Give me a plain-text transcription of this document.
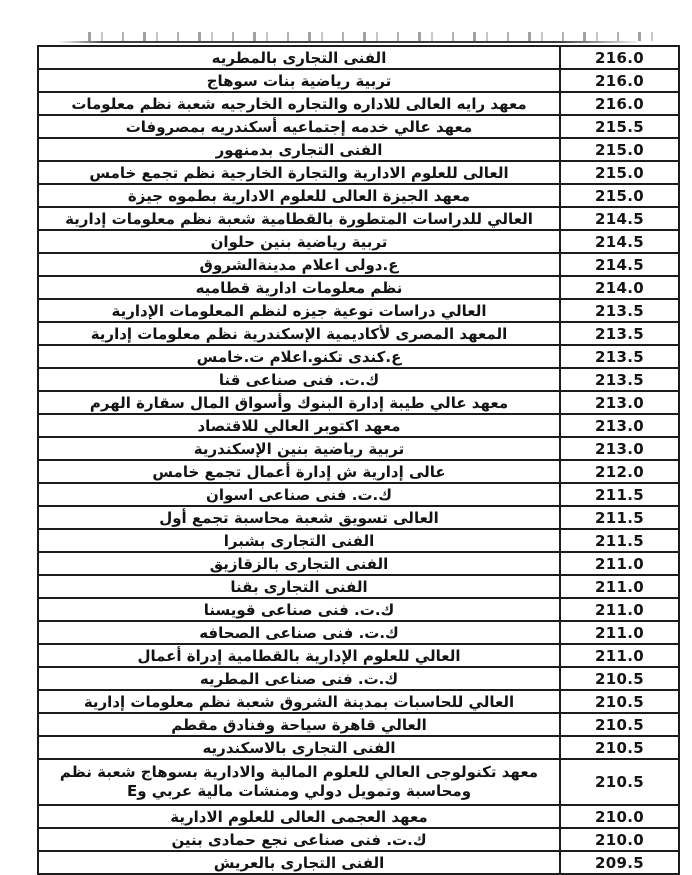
الفنى التجارى بالمطريه	216.0
تربية رياضية بنات سوهاج	216.0
معهد رايه العالى للاداره والتجاره الخارجيه شعبة نظم معلومات	216.0
معهد عالي خدمه إجتماعيه أسكندريه بمصروفات	215.5
الفنى التجارى بدمنهور	215.0
العالى للعلوم الادارية والتجارة الخارجية نظم تجمع خامس	215.0
معهد الجيزة العالى للعلوم الادارية بطموه جيزة	215.0
العالي للدراسات المتطورة بالقطامية شعبة نظم معلومات إدارية	214.5
تربية رياضية بنين حلوان	214.5
ع.دولى اعلام مدينةالشروق	214.5
نظم معلومات ادارية قطاميه	214.0
العالي دراسات نوعية جيزه لنظم المعلومات الإدارية	213.5
المعهد المصرى لأكاديمية الإسكندرية نظم معلومات إدارية	213.5
ع.كندى تكنو.اعلام ت.خامس	213.5
ك.ت. فنى صناعى قنا	213.5
معهد عالي طيبة إدارة البنوك وأسواق المال سقارة الهرم	213.0
معهد اكتوبر العالي للاقتصاد	213.0
تربية رياضية بنين الإسكندرية	213.0
عالى إدارية ش إدارة أعمال تجمع خامس	212.0
ك.ت. فنى صناعى اسوان	211.5
العالى تسويق شعبة محاسبة تجمع أول	211.5
الفنى التجارى بشبرا	211.5
الفنى التجارى بالزقازيق	211.0
الفنى التجارى بقنا	211.0
ك.ت. فنى صناعى قويسنا	211.0
ك.ت. فنى صناعى الصحافه	211.0
العالي للعلوم الإدارية بالقطامية إدراة أعمال	211.0
ك.ت. فنى صناعى المطريه	210.5
العالي للحاسبات بمدينة الشروق شعبة نظم معلومات إدارية	210.5
العالي قاهرة سياحة وفنادق مقطم	210.5
الفنى التجارى بالاسكندريه	210.5
معهد تكنولوجى العالي للعلوم المالية والادارية بسوهاج شعبة نظم ومحاسبة وتمويل دولي ومنشات مالية عربي وE	210.5
معهد العجمى العالى للعلوم الادارية	210.0
ك.ت. فنى صناعى نجع حمادى بنين	210.0
الفنى التجارى بالعريش	209.5
